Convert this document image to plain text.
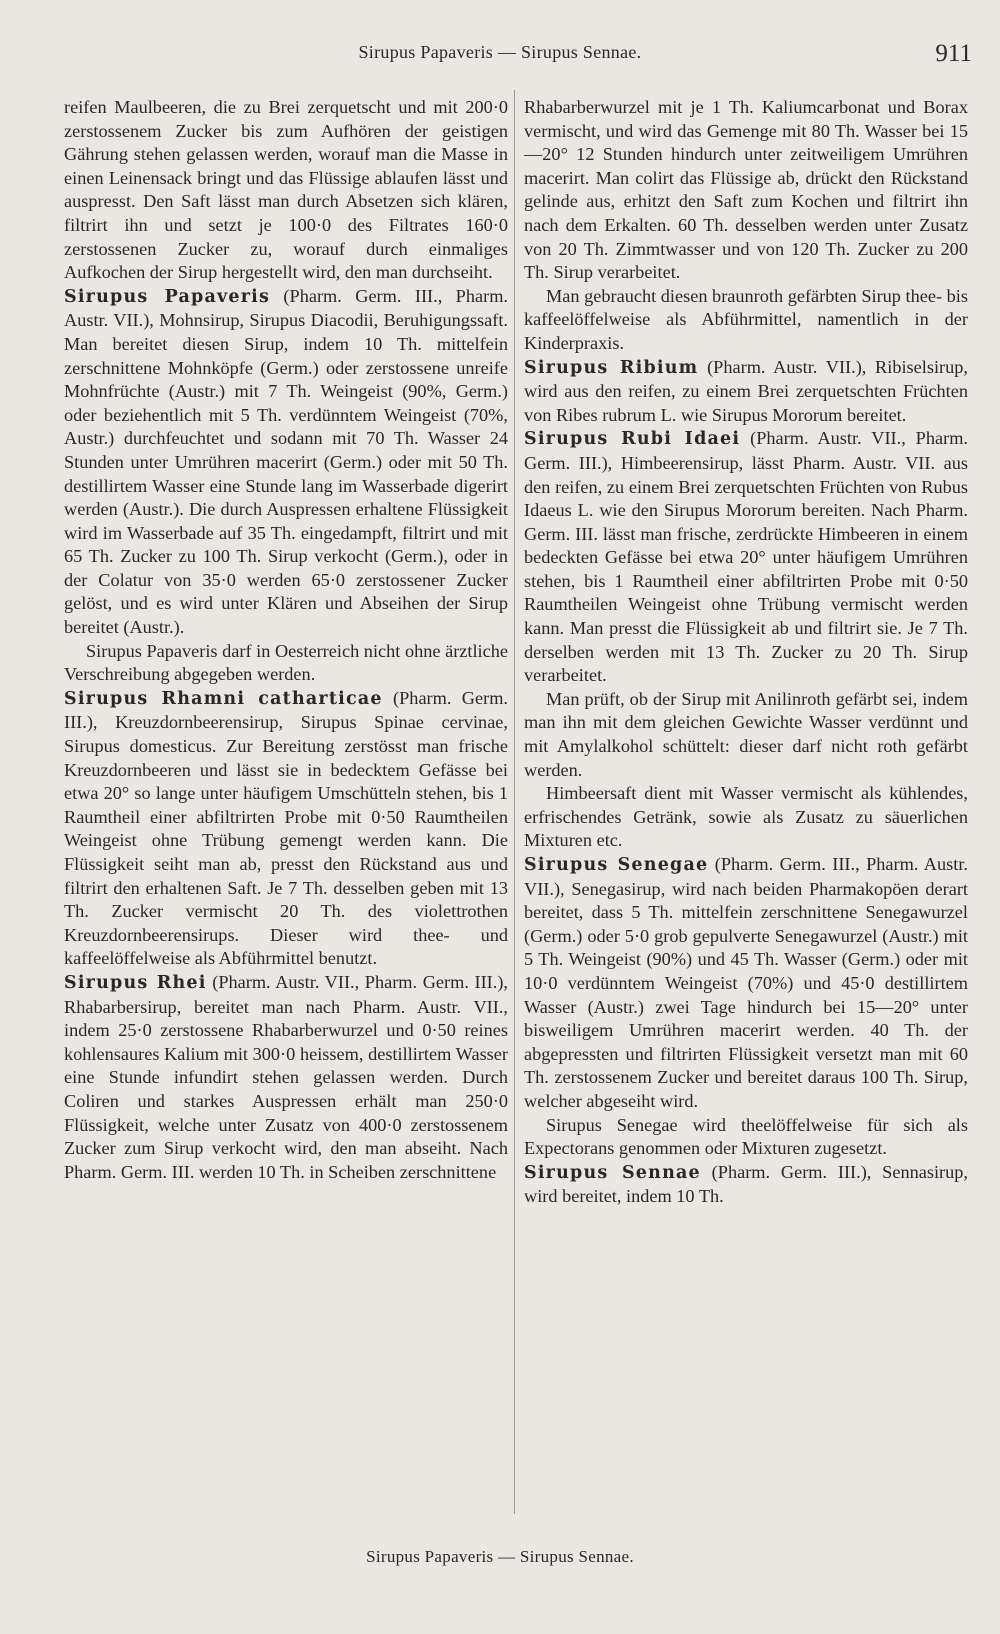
Sirupus Papaveris — Sirupus Sennae.	911

reifen Maulbeeren, die zu Brei zerquetscht und mit 200·0 zerstossenem Zucker bis zum Aufhören der geistigen Gährung stehen gelassen werden, worauf man die Masse in einen Leinensack bringt und das Flüssige ablaufen lässt und auspresst. Den Saft lässt man durch Absetzen sich klären, filtrirt ihn und setzt je 100·0 des Filtrates 160·0 zerstossenen Zucker zu, worauf durch einmaliges Aufkochen der Sirup hergestellt wird, den man durchseiht.

Sirupus Papaveris (Pharm. Germ. III., Pharm. Austr. VII.), Mohnsirup, Sirupus Diacodii, Beruhigungssaft. Man bereitet diesen Sirup, indem 10 Th. mittelfein zerschnittene Mohnköpfe (Germ.) oder zerstossene unreife Mohnfrüchte (Austr.) mit 7 Th. Weingeist (90%, Germ.) oder beziehentlich mit 5 Th. verdünntem Weingeist (70%, Austr.) durchfeuchtet und sodann mit 70 Th. Wasser 24 Stunden unter Umrühren macerirt (Germ.) oder mit 50 Th. destillirtem Wasser eine Stunde lang im Wasserbade digerirt werden (Austr.). Die durch Auspressen erhaltene Flüssigkeit wird im Wasserbade auf 35 Th. eingedampft, filtrirt und mit 65 Th. Zucker zu 100 Th. Sirup verkocht (Germ.), oder in der Colatur von 35·0 werden 65·0 zerstossener Zucker gelöst, und es wird unter Klären und Abseihen der Sirup bereitet (Austr.).

Sirupus Papaveris darf in Oesterreich nicht ohne ärztliche Verschreibung abgegeben werden.

Sirupus Rhamni catharticae (Pharm. Germ. III.), Kreuzdornbeerensirup, Sirupus Spinae cervinae, Sirupus domesticus. Zur Bereitung zerstösst man frische Kreuzdornbeeren und lässt sie in bedecktem Gefässe bei etwa 20° so lange unter häufigem Umschütteln stehen, bis 1 Raumtheil einer abfiltrirten Probe mit 0·50 Raumtheilen Weingeist ohne Trübung gemengt werden kann. Die Flüssigkeit seiht man ab, presst den Rückstand aus und filtrirt den erhaltenen Saft. Je 7 Th. desselben geben mit 13 Th. Zucker vermischt 20 Th. des violettrothen Kreuzdornbeerensirups. Dieser wird thee- und kaffeelöffelweise als Abführmittel benutzt.

Sirupus Rhei (Pharm. Austr. VII., Pharm. Germ. III.), Rhabarbersirup, bereitet man nach Pharm. Austr. VII., indem 25·0 zerstossene Rhabarberwurzel und 0·50 reines kohlensaures Kalium mit 300·0 heissem, destillirtem Wasser eine Stunde infundirt stehen gelassen werden. Durch Coliren und starkes Auspressen erhält man 250·0 Flüssigkeit, welche unter Zusatz von 400·0 zerstossenem Zucker zum Sirup verkocht wird, den man abseiht. Nach Pharm. Germ. III. werden 10 Th. in Scheiben zerschnittene

Rhabarberwurzel mit je 1 Th. Kaliumcarbonat und Borax vermischt, und wird das Gemenge mit 80 Th. Wasser bei 15—20° 12 Stunden hindurch unter zeitweiligem Umrühren macerirt. Man colirt das Flüssige ab, drückt den Rückstand gelinde aus, erhitzt den Saft zum Kochen und filtrirt ihn nach dem Erkalten. 60 Th. desselben werden unter Zusatz von 20 Th. Zimmtwasser und von 120 Th. Zucker zu 200 Th. Sirup verarbeitet.

Man gebraucht diesen braunroth gefärbten Sirup thee- bis kaffeelöffelweise als Abführmittel, namentlich in der Kinderpraxis.

Sirupus Ribium (Pharm. Austr. VII.), Ribiselsirup, wird aus den reifen, zu einem Brei zerquetschten Früchten von Ribes rubrum L. wie Sirupus Mororum bereitet.

Sirupus Rubi Idaei (Pharm. Austr. VII., Pharm. Germ. III.), Himbeerensirup, lässt Pharm. Austr. VII. aus den reifen, zu einem Brei zerquetschten Früchten von Rubus Idaeus L. wie den Sirupus Mororum bereiten. Nach Pharm. Germ. III. lässt man frische, zerdrückte Himbeeren in einem bedeckten Gefässe bei etwa 20° unter häufigem Umrühren stehen, bis 1 Raumtheil einer abfiltrirten Probe mit 0·50 Raumtheilen Weingeist ohne Trübung vermischt werden kann. Man presst die Flüssigkeit ab und filtrirt sie. Je 7 Th. derselben werden mit 13 Th. Zucker zu 20 Th. Sirup verarbeitet.

Man prüft, ob der Sirup mit Anilinroth gefärbt sei, indem man ihn mit dem gleichen Gewichte Wasser verdünnt und mit Amylalkohol schüttelt: dieser darf nicht roth gefärbt werden.

Himbeersaft dient mit Wasser vermischt als kühlendes, erfrischendes Getränk, sowie als Zusatz zu säuerlichen Mixturen etc.

Sirupus Senegae (Pharm. Germ. III., Pharm. Austr. VII.), Senegasirup, wird nach beiden Pharmakopöen derart bereitet, dass 5 Th. mittelfein zerschnittene Senegawurzel (Germ.) oder 5·0 grob gepulverte Senegawurzel (Austr.) mit 5 Th. Weingeist (90%) und 45 Th. Wasser (Germ.) oder mit 10·0 verdünntem Weingeist (70%) und 45·0 destillirtem Wasser (Austr.) zwei Tage hindurch bei 15—20° unter bisweiligem Umrühren macerirt werden. 40 Th. der abgepressten und filtrirten Flüssigkeit versetzt man mit 60 Th. zerstossenem Zucker und bereitet daraus 100 Th. Sirup, welcher abgeseiht wird.

Sirupus Senegae wird theelöffelweise für sich als Expectorans genommen oder Mixturen zugesetzt.

Sirupus Sennae (Pharm. Germ. III.), Sennasirup, wird bereitet, indem 10 Th.

Sirupus Papaveris — Sirupus Sennae.
